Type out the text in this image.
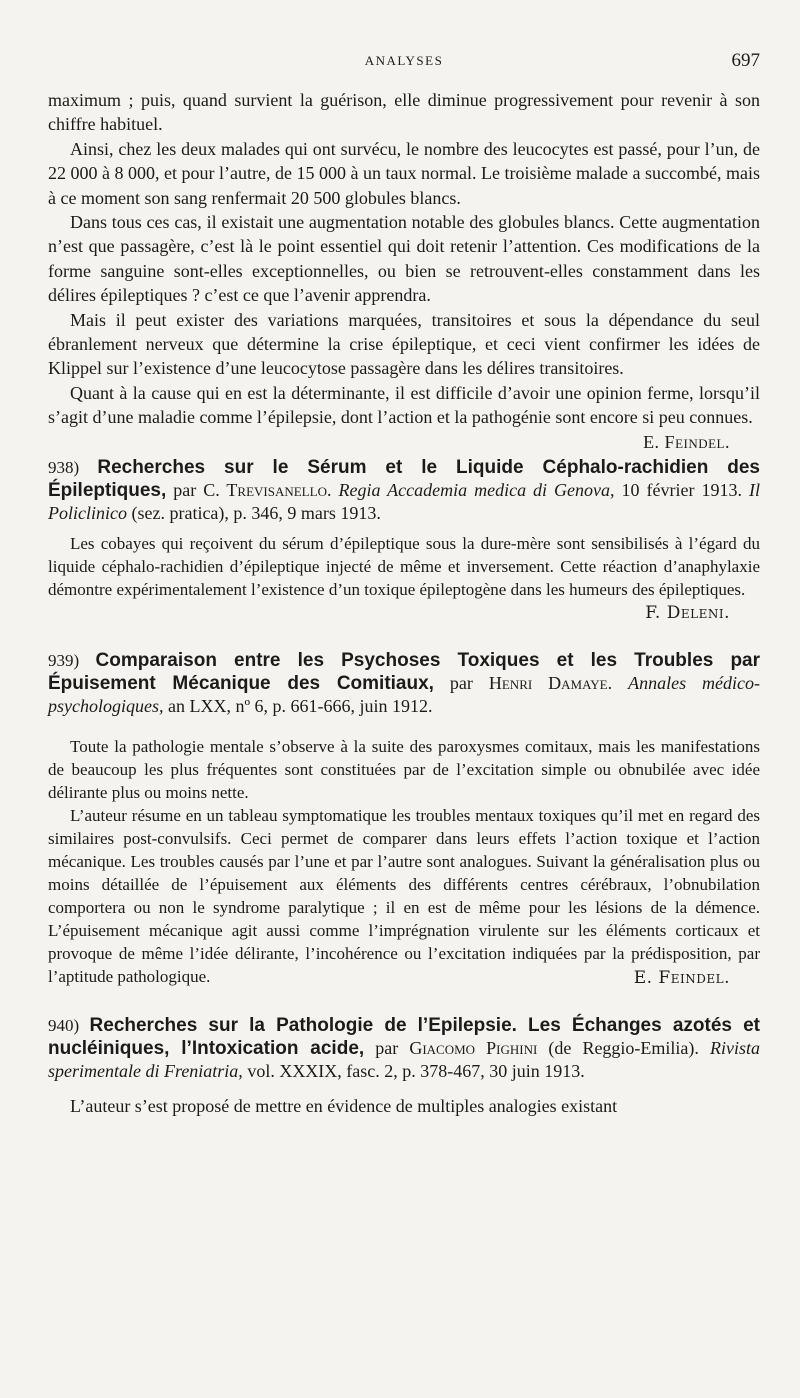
ANALYSES	697

maximum ; puis, quand survient la guérison, elle diminue progressivement pour revenir à son chiffre habituel.

Ainsi, chez les deux malades qui ont survécu, le nombre des leucocytes est passé, pour l’un, de 22 000 à 8 000, et pour l’autre, de 15 000 à un taux normal. Le troisième malade a succombé, mais à ce moment son sang renfermait 20 500 globules blancs.

Dans tous ces cas, il existait une augmentation notable des globules blancs. Cette augmentation n’est que passagère, c’est là le point essentiel qui doit retenir l’attention. Ces modifications de la forme sanguine sont-elles exceptionnelles, ou bien se retrouvent-elles constamment dans les délires épileptiques ? c’est ce que l’avenir apprendra.

Mais il peut exister des variations marquées, transitoires et sous la dépendance du seul ébranlement nerveux que détermine la crise épileptique, et ceci vient confirmer les idées de Klippel sur l’existence d’une leucocytose passagère dans les délires transitoires.

Quant à la cause qui en est la déterminante, il est difficile d’avoir une opinion ferme, lorsqu’il s’agit d’une maladie comme l’épilepsie, dont l’action et la pathogénie sont encore si peu connues.
E. Feindel.

938) Recherches sur le Sérum et le Liquide Céphalo-rachidien des Épileptiques, par C. Trevisanello. Regia Accademia medica di Genova, 10 février 1913. Il Policlinico (sez. pratica), p. 346, 9 mars 1913.

Les cobayes qui reçoivent du sérum d’épileptique sous la dure-mère sont sensibilisés à l’égard du liquide céphalo-rachidien d’épileptique injecté de même et inversement. Cette réaction d’anaphylaxie démontre expérimentalement l’existence d’un toxique épileptogène dans les humeurs des épileptiques.

F. Deleni.
939) Comparaison entre les Psychoses Toxiques et les Troubles par Épuisement Mécanique des Comitiaux, par Henri Damaye. Annales médico-psychologiques, an LXX, nº 6, p. 661-666, juin 1912.

Toute la pathologie mentale s’observe à la suite des paroxysmes comitaux, mais les manifestations de beaucoup les plus fréquentes sont constituées par de l’excitation simple ou obnubilée avec idée délirante plus ou moins nette.

L’auteur résume en un tableau symptomatique les troubles mentaux toxiques qu’il met en regard des similaires post-convulsifs. Ceci permet de comparer dans leurs effets l’action toxique et l’action mécanique. Les troubles causés par l’une et par l’autre sont analogues. Suivant la généralisation plus ou moins détaillée de l’épuisement aux éléments des différents centres cérébraux, l’obnubilation comportera ou non le syndrome paralytique ; il en est de même pour les lésions de la démence. L’épuisement mécanique agit aussi comme l’imprégnation virulente sur les éléments corticaux et provoque de même l’idée délirante, l’incohérence ou l’excitation indiquées par la prédisposition, par l’aptitude pathologique.	E. Feindel.
940) Recherches sur la Pathologie de l’Epilepsie. Les Échanges azotés et nucléiniques, l’Intoxication acide, par Giacomo Pighini (de Reggio-Emilia). Rivista sperimentale di Freniatria, vol. XXXIX, fasc. 2, p. 378-467, 30 juin 1913.

L’auteur s’est proposé de mettre en évidence de multiples analogies existant
